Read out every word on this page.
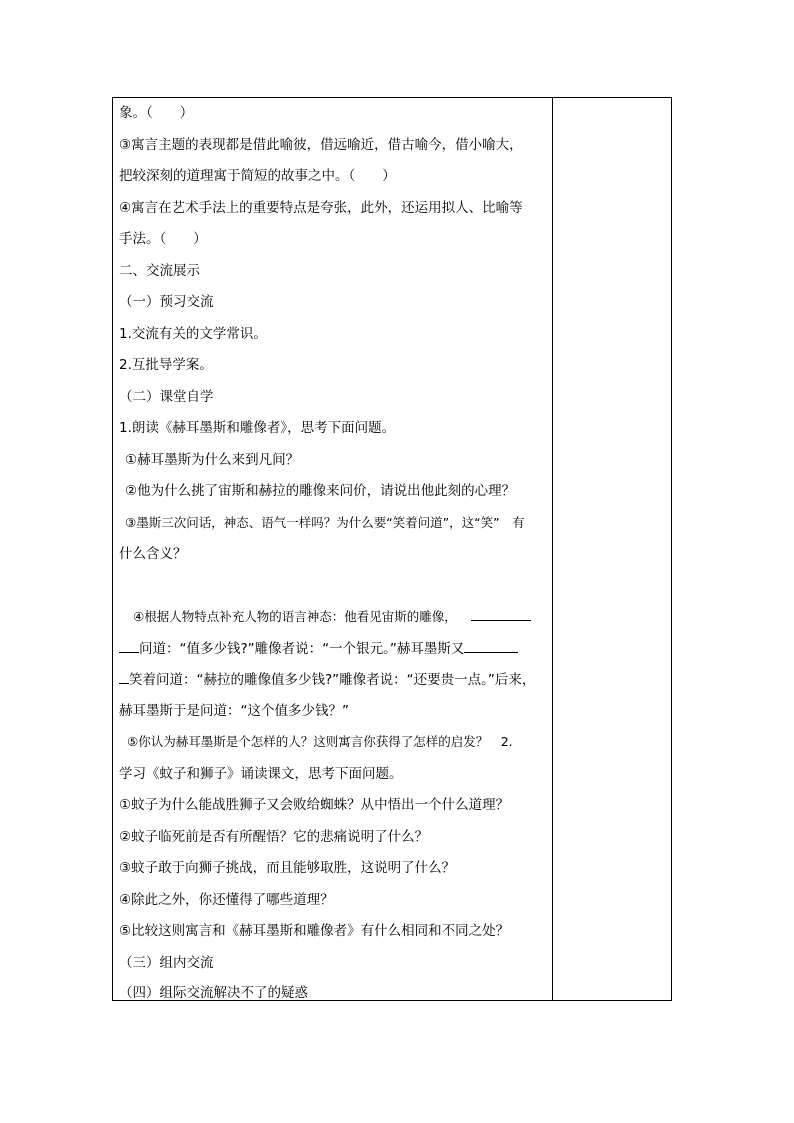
象。（　　）
③寓言主题的表现都是借此喻彼，借远喻近，借古喻今，借小喻大，
把较深刻的道理寓于简短的故事之中。（　　）
④寓言在艺术手法上的重要特点是夸张，此外，还运用拟人、比喻等
手法。（　　）
二、交流展示
（一）预习交流
1.交流有关的文学常识。
2.互批导学案。
（二）课堂自学
1.朗读《赫耳墨斯和雕像者》，思考下面问题。
①赫耳墨斯为什么来到凡间？
②他为什么挑了宙斯和赫拉的雕像来问价，请说出他此刻的心理？
③墨斯三次问话，神态、语气一样吗？为什么要“笑着问道”，这“笑”　有
什么含义？
④根据人物特点补充人物的语言神态：他看见宙斯的雕像，
问道：“值多少钱?”雕像者说：“一个银元。”赫耳墨斯又
笑着问道：“赫拉的雕像值多少钱?”雕像者说：“还要贵一点。”后来，
赫耳墨斯于是问道：“这个值多少钱？”
⑤你认为赫耳墨斯是个怎样的人？这则寓言你获得了怎样的启发？　2.
学习《蚊子和狮子》诵读课文，思考下面问题。
①蚊子为什么能战胜狮子又会败给蜘蛛？从中悟出一个什么道理？
②蚊子临死前是否有所醒悟？它的悲痛说明了什么？
③蚊子敢于向狮子挑战，而且能够取胜，这说明了什么？
④除此之外，你还懂得了哪些道理？
⑤比较这则寓言和《赫耳墨斯和雕像者》有什么相同和不同之处？
（三）组内交流
（四）组际交流解决不了的疑惑
